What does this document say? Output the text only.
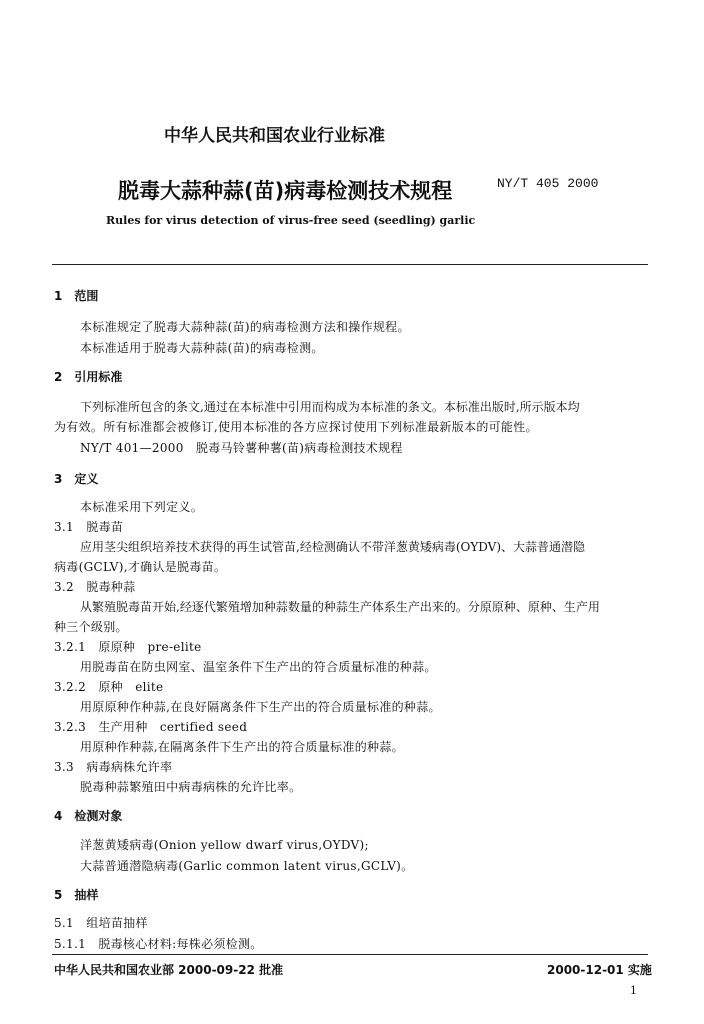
中华人民共和国农业行业标准
脱毒大蒜种蒜(苗)病毒检测技术规程	NY/T 405 2000
Rules for virus detection of virus-free seed (seedling) garlic
1　范围
本标准规定了脱毒大蒜种蒜(苗)的病毒检测方法和操作规程。
本标准适用于脱毒大蒜种蒜(苗)的病毒检测。
2　引用标准
下列标准所包含的条文,通过在本标准中引用而构成为本标准的条文。本标准出版时,所示版本均
为有效。所有标准都会被修订,使用本标准的各方应探讨使用下列标准最新版本的可能性。
NY/T 401—2000　脱毒马铃薯种薯(苗)病毒检测技术规程
3　定义
本标准采用下列定义。
3.1　脱毒苗
应用茎尖组织培养技术获得的再生试管苗,经检测确认不带洋葱黄矮病毒(OYDV)、大蒜普通潜隐
病毒(GCLV),才确认是脱毒苗。
3.2　脱毒种蒜
从繁殖脱毒苗开始,经逐代繁殖增加种蒜数量的种蒜生产体系生产出来的。分原原种、原种、生产用
种三个级别。
3.2.1　原原种　pre-elite
用脱毒苗在防虫网室、温室条件下生产出的符合质量标准的种蒜。
3.2.2　原种　elite
用原原种作种蒜,在良好隔离条件下生产出的符合质量标准的种蒜。
3.2.3　生产用种　certified seed
用原种作种蒜,在隔离条件下生产出的符合质量标准的种蒜。
3.3　病毒病株允许率
脱毒种蒜繁殖田中病毒病株的允许比率。
4　检测对象
洋葱黄矮病毒(Onion yellow dwarf virus,OYDV);
大蒜普通潜隐病毒(Garlic common latent virus,GCLV)。
5　抽样
5.1　组培苗抽样
5.1.1　脱毒核心材料:每株必须检测。
中华人民共和国农业部 2000-09-22 批准	2000-12-01 实施
1
